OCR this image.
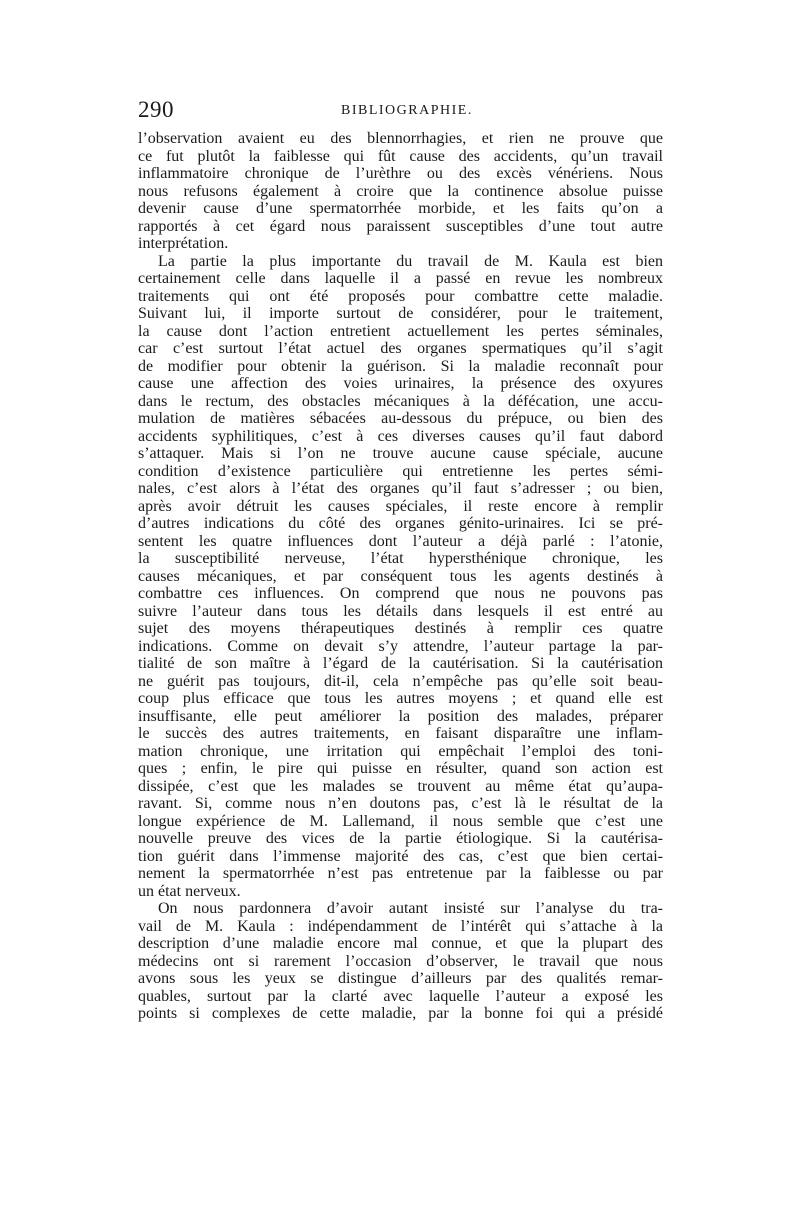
290	BIBLIOGRAPHIE.
l’observation avaient eu des blennorrhagies, et rien ne prouve que
ce fut plutôt la faiblesse qui fût cause des accidents, qu’un travail
inflammatoire chronique de l’urèthre ou des excès vénériens. Nous
nous refusons également à croire que la continence absolue puisse
devenir cause d’une spermatorrhée morbide, et les faits qu’on a
rapportés à cet égard nous paraissent susceptibles d’une tout autre
interprétation.
La partie la plus importante du travail de M. Kaula est bien
certainement celle dans laquelle il a passé en revue les nombreux
traitements qui ont été proposés pour combattre cette maladie.
Suivant lui, il importe surtout de considérer, pour le traitement,
la cause dont l’action entretient actuellement les pertes séminales,
car c’est surtout l’état actuel des organes spermatiques qu’il s’agit
de modifier pour obtenir la guérison. Si la maladie reconnaît pour
cause une affection des voies urinaires, la présence des oxyures
dans le rectum, des obstacles mécaniques à la défécation, une accu-
mulation de matières sébacées au-dessous du prépuce, ou bien des
accidents syphilitiques, c’est à ces diverses causes qu’il faut dabord
s’attaquer. Mais si l’on ne trouve aucune cause spéciale, aucune
condition d’existence particulière qui entretienne les pertes sémi-
nales, c’est alors à l’état des organes qu’il faut s’adresser ; ou bien,
après avoir détruit les causes spéciales, il reste encore à remplir
d’autres indications du côté des organes génito-urinaires. Ici se pré-
sentent les quatre influences dont l’auteur a déjà parlé : l’atonie,
la susceptibilité nerveuse, l’état hypersthénique chronique, les
causes mécaniques, et par conséquent tous les agents destinés à
combattre ces influences. On comprend que nous ne pouvons pas
suivre l’auteur dans tous les détails dans lesquels il est entré au
sujet des moyens thérapeutiques destinés à remplir ces quatre
indications. Comme on devait s’y attendre, l’auteur partage la par-
tialité de son maître à l’égard de la cautérisation. Si la cautérisation
ne guérit pas toujours, dit-il, cela n’empêche pas qu’elle soit beau-
coup plus efficace que tous les autres moyens ; et quand elle est
insuffisante, elle peut améliorer la position des malades, préparer
le succès des autres traitements, en faisant disparaître une inflam-
mation chronique, une irritation qui empêchait l’emploi des toni-
ques ; enfin, le pire qui puisse en résulter, quand son action est
dissipée, c’est que les malades se trouvent au même état qu’aupa-
ravant. Si, comme nous n’en doutons pas, c’est là le résultat de la
longue expérience de M. Lallemand, il nous semble que c’est une
nouvelle preuve des vices de la partie étiologique. Si la cautérisa-
tion guérit dans l’immense majorité des cas, c’est que bien certai-
nement la spermatorrhée n’est pas entretenue par la faiblesse ou par
un état nerveux.
On nous pardonnera d’avoir autant insisté sur l’analyse du tra-
vail de M. Kaula : indépendamment de l’intérêt qui s’attache à la
description d’une maladie encore mal connue, et que la plupart des
médecins ont si rarement l’occasion d’observer, le travail que nous
avons sous les yeux se distingue d’ailleurs par des qualités remar-
quables, surtout par la clarté avec laquelle l’auteur a exposé les
points si complexes de cette maladie, par la bonne foi qui a présidé
